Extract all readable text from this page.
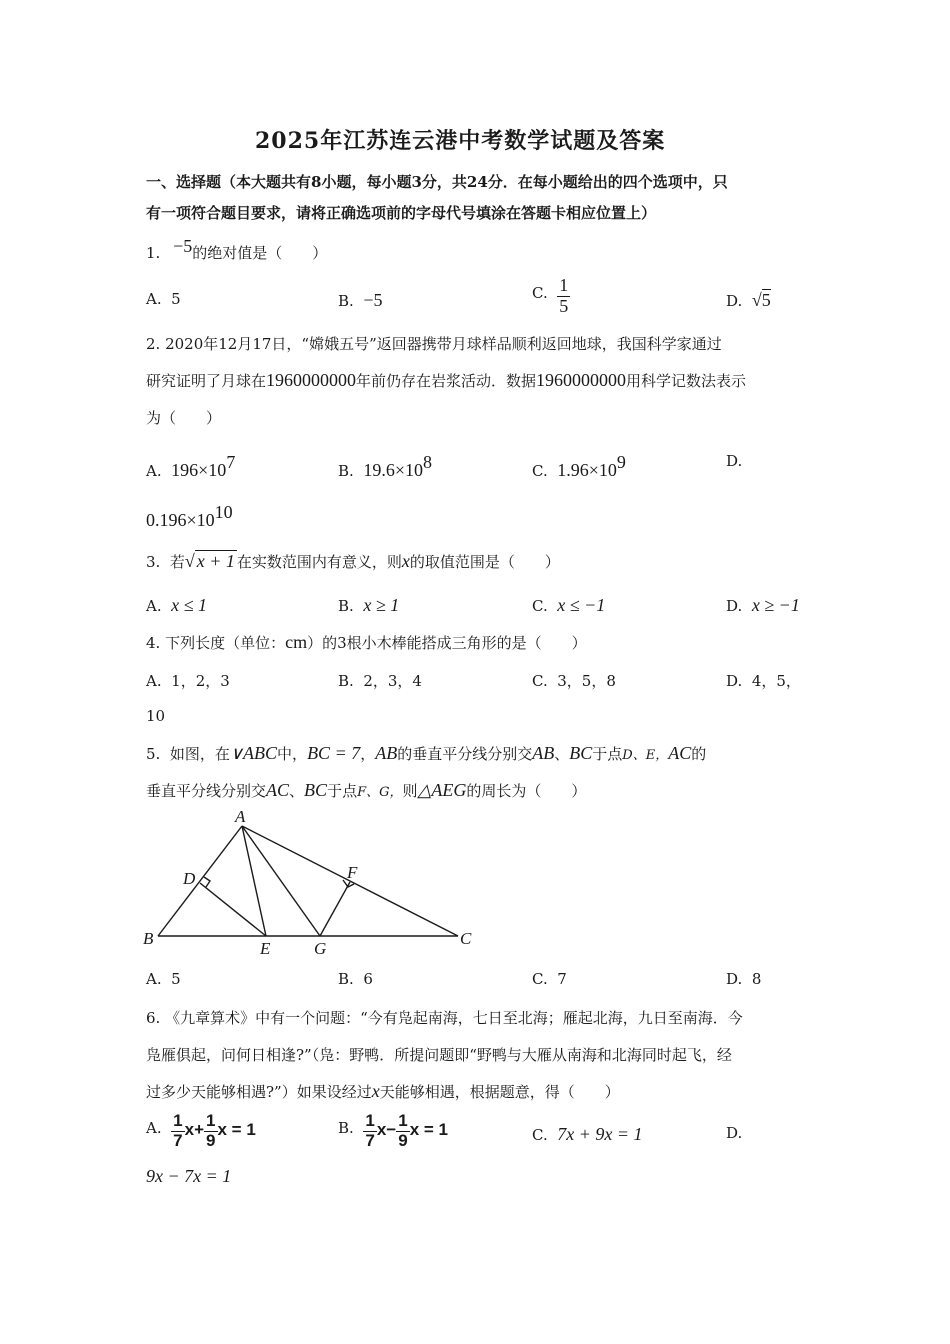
2025年江苏连云港中考数学试题及答案
一、选择题（本大题共有8小题，每小题3分，共24分．在每小题给出的四个选项中，只
有一项符合题目要求，请将正确选项前的字母代号填涂在答题卡相应位置上）
1. −5的绝对值是（　　）
A. 5	B. −5	C. $\frac{1}{5}$	D. √5
2. 2020年12月17日，“嫦娥五号”返回器携带月球样品顺利返回地球，我国科学家通过
研究证明了月球在1960000000年前仍存在岩浆活动．数据1960000000用科学记数法表示
为（　　）
A. $196\times 10^7$	B. $19.6\times 10^8$	C. $1.96\times 10^9$	D.
$0.196\times 10^{10}$
3. 若√ x + 1 在实数范围内有意义，则x的取值范围是（　　）
A. x ≤ 1	B. x ≥ 1	C. x ≤ −1	D. x ≥ −1
4. 下列长度（单位：cm）的3根小木棒能搭成三角形的是（　　）
A. 1，2，3	B. 2，3，4	C. 3，5，8	D. 4，5，
10
5. 如图，在∨ABC中，BC = 7，AB的垂直平分线分别交AB、BC于点D、E，AC的
垂直平分线分别交AC、BC于点F、G，则△AEG的周长为（　　）
A
B	C
D
E
F
G
A. 5	B. 6	C. 7	D. 8
6. 《九章算术》中有一个问题：“今有凫起南海，七日至北海；雁起北海，九日至南海．今
凫雁俱起，问何日相逢?”（凫：野鸭．所提问题即“野鸭与大雁从南海和北海同时起飞，经
过多少天能够相遇?”）如果设经过x天能够相遇，根据题意，得（　　）
A. $\frac{1}{7} x+ \frac{1}{9}$ x = 1	B. $\frac{1}{7} x- \frac{1}{9}$ x = 1	C. 7x + 9x = 1	D.
9x − 7x = 1
